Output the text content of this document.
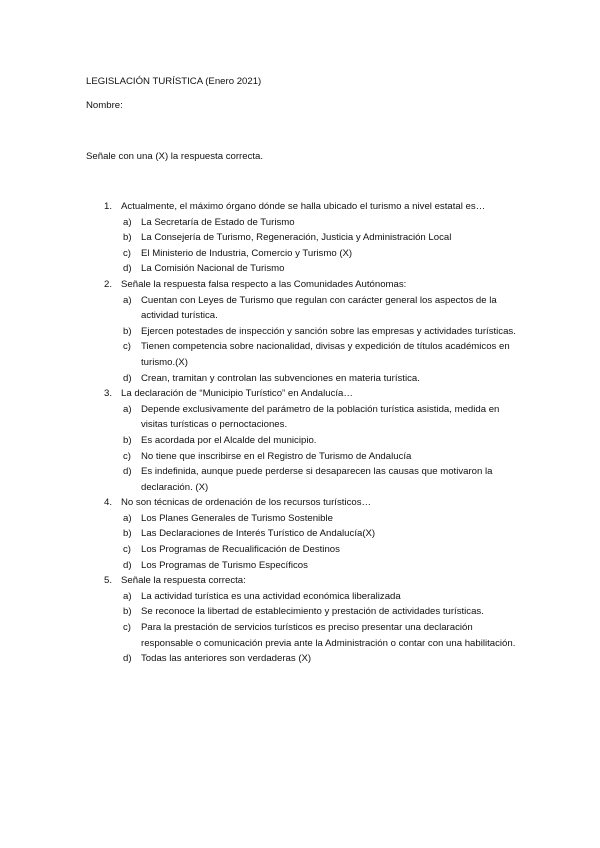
LEGISLACIÓN TURÍSTICA (Enero 2021)
Nombre:
Señale con una (X) la respuesta correcta.
1. Actualmente, el máximo órgano dónde se halla ubicado el turismo a nivel estatal es…
a) La Secretaría de Estado de Turismo
b) La Consejería de Turismo, Regeneración, Justicia y Administración Local
c) El Ministerio de Industria, Comercio y Turismo (X)
d) La Comisión Nacional de Turismo
2. Señale la respuesta falsa respecto a las Comunidades Autónomas:
a) Cuentan con Leyes de Turismo que regulan con carácter general los aspectos de la actividad turística.
b) Ejercen potestades de inspección y sanción sobre las empresas y actividades turísticas.
c) Tienen competencia sobre nacionalidad, divisas y expedición de títulos académicos en turismo.(X)
d) Crean, tramitan y controlan las subvenciones en materia turística.
3. La declaración de “Municipio Turístico” en Andalucía…
a) Depende exclusivamente del parámetro de la población turística asistida, medida en visitas turísticas o pernoctaciones.
b) Es acordada por el Alcalde del municipio.
c) No tiene que inscribirse en el Registro de Turismo de Andalucía
d) Es indefinida, aunque puede perderse si desaparecen las causas que motivaron la declaración. (X)
4. No son técnicas de ordenación de los recursos turísticos…
a) Los Planes Generales de Turismo Sostenible
b) Las Declaraciones de Interés Turístico de Andalucía(X)
c) Los Programas de Recualificación de Destinos
d) Los Programas de Turismo Específicos
5. Señale la respuesta correcta:
a) La actividad turística es una actividad económica liberalizada
b) Se reconoce la libertad de establecimiento y prestación de actividades turísticas.
c) Para la prestación de servicios turísticos es preciso presentar una declaración responsable o comunicación previa ante la Administración o contar con una habilitación.
d) Todas las anteriores son verdaderas (X)
